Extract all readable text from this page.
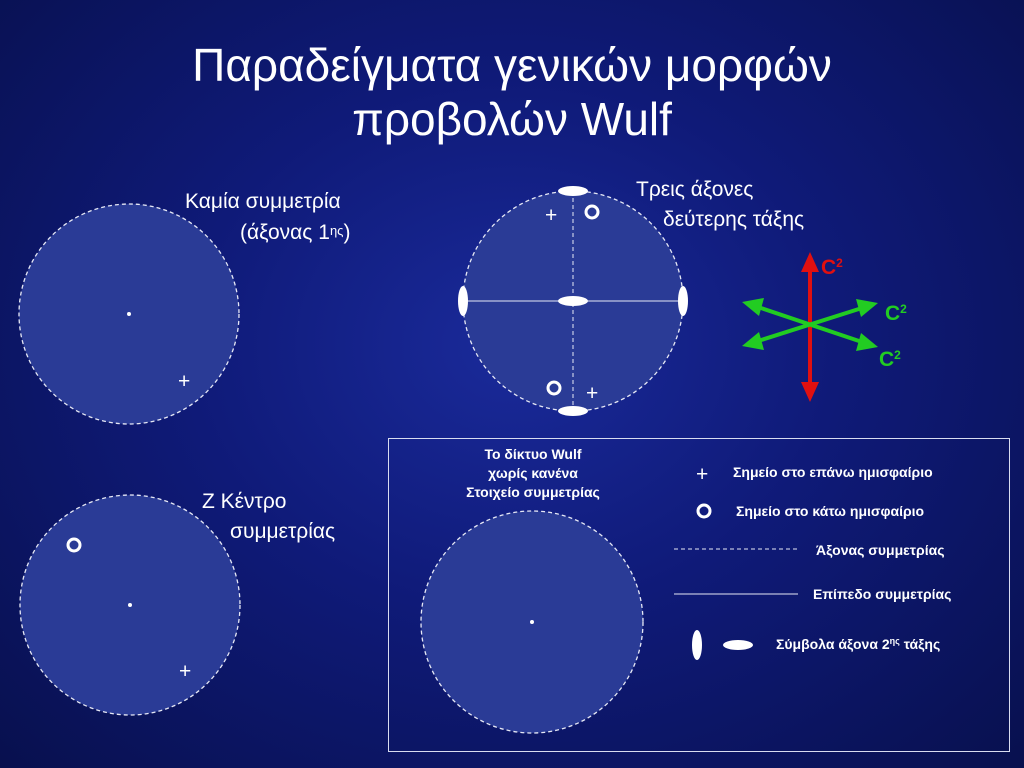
Παραδείγματα γενικών μορφών
προβολών Wulf
+
+
+
+
+
Καμία συμμετρία
(άξονας $1^{\eta\varsigma}$)
Τρεις άξονες
δεύτερης τάξης
Ζ Κέντρο
συμμετρίας
$C^2$
$C^2$
$C^2$
Το δίκτυο Wulf
χωρίς κανένα
Στοιχείο συμμετρίας
Σημείο στο επάνω ημισφαίριο
Σημείο στο κάτω ημισφαίριο
Άξονας συμμετρίας
Επίπεδο συμμετρίας
Σύμβολα άξονα $2^{\eta\varsigma}$ τάξης
